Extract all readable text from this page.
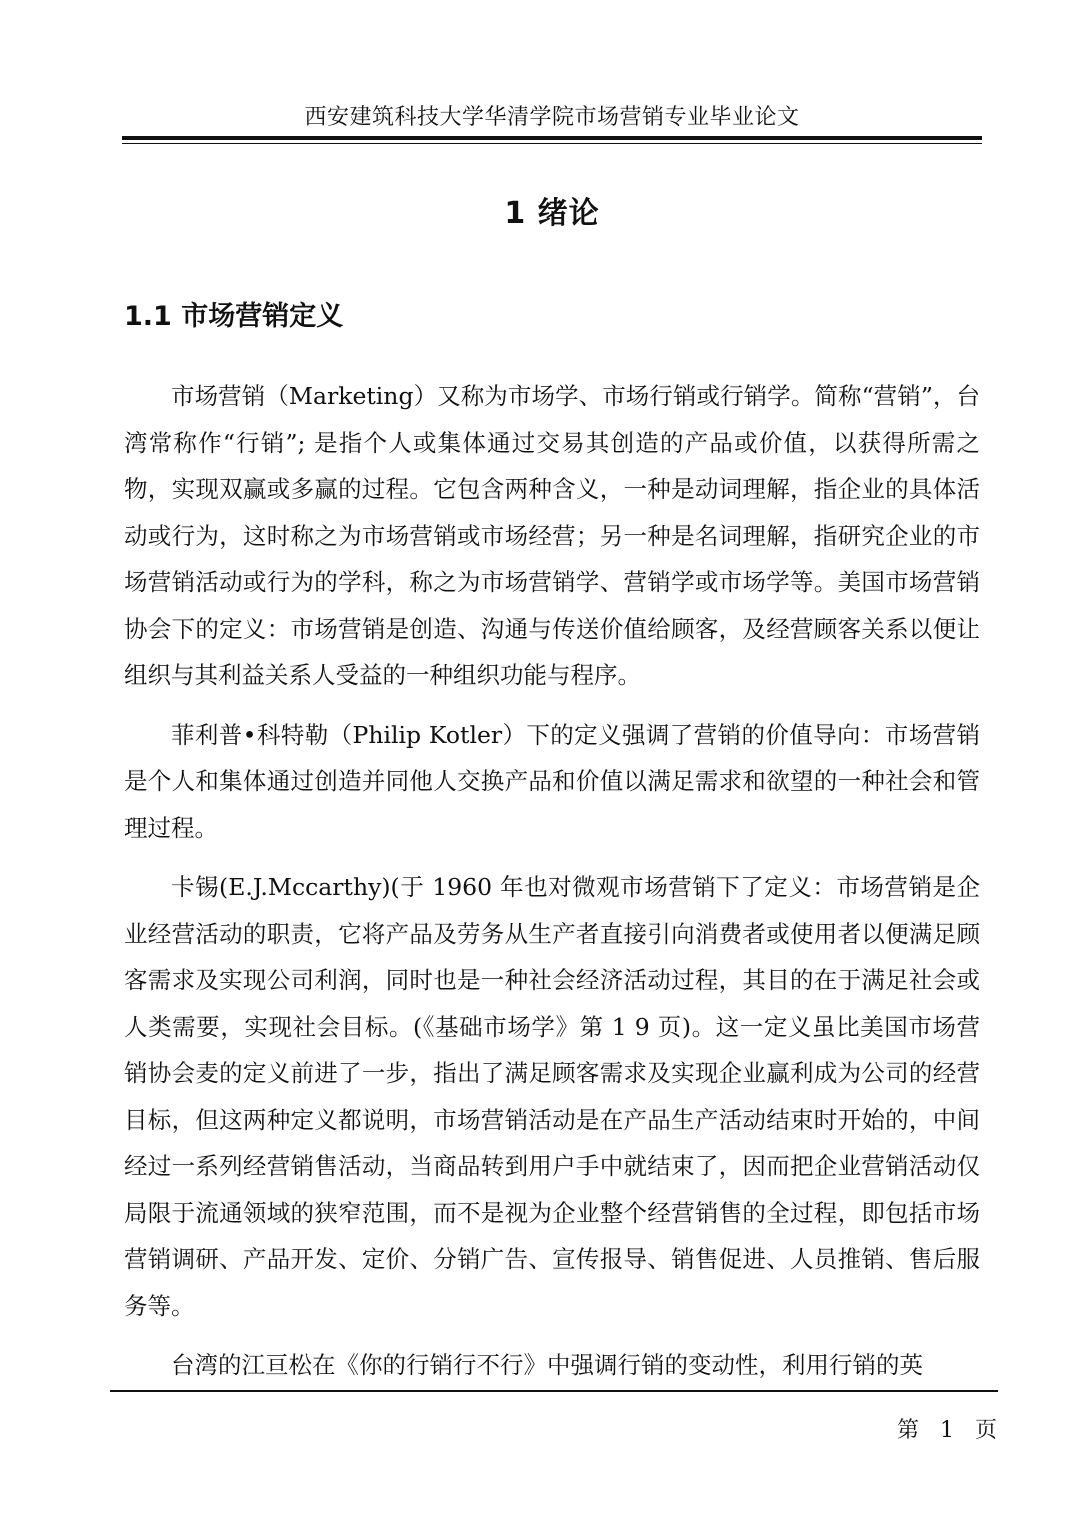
西安建筑科技大学华清学院市场营销专业毕业论文
1 绪论
1.1 市场营销定义

市场营销（Marketing）又称为市场学、市场行销或行销学。简称“营销”，台湾常称作“行销”; 是指个人或集体通过交易其创造的产品或价值，以获得所需之物，实现双赢或多赢的过程。它包含两种含义，一种是动词理解，指企业的具体活动或行为，这时称之为市场营销或市场经营；另一种是名词理解，指研究企业的市场营销活动或行为的学科，称之为市场营销学、营销学或市场学等。美国市场营销协会下的定义：市场营销是创造、沟通与传送价值给顾客，及经营顾客关系以便让组织与其利益关系人受益的一种组织功能与程序。

菲利普•科特勒（Philip Kotler）下的定义强调了营销的价值导向：市场营销是个人和集体通过创造并同他人交换产品和价值以满足需求和欲望的一种社会和管理过程。

卡锡(E.J.Mccarthy)(于 1960 年也对微观市场营销下了定义：市场营销是企业经营活动的职责，它将产品及劳务从生产者直接引向消费者或使用者以便满足顾客需求及实现公司利润，同时也是一种社会经济活动过程，其目的在于满足社会或人类需要，实现社会目标。(《基础市场学》第 1 9 页)。这一定义虽比美国市场营销协会麦的定义前进了一步，指出了满足顾客需求及实现企业赢利成为公司的经营目标，但这两种定义都说明，市场营销活动是在产品生产活动结束时开始的，中间经过一系列经营销售活动，当商品转到用户手中就结束了，因而把企业营销活动仅局限于流通领域的狭窄范围，而不是视为企业整个经营销售的全过程，即包括市场营销调研、产品开发、定价、分销广告、宣传报导、销售促进、人员推销、售后服务等。

台湾的江亘松在《你的行销行不行》中强调行销的变动性，利用行销的英

第 1 页
